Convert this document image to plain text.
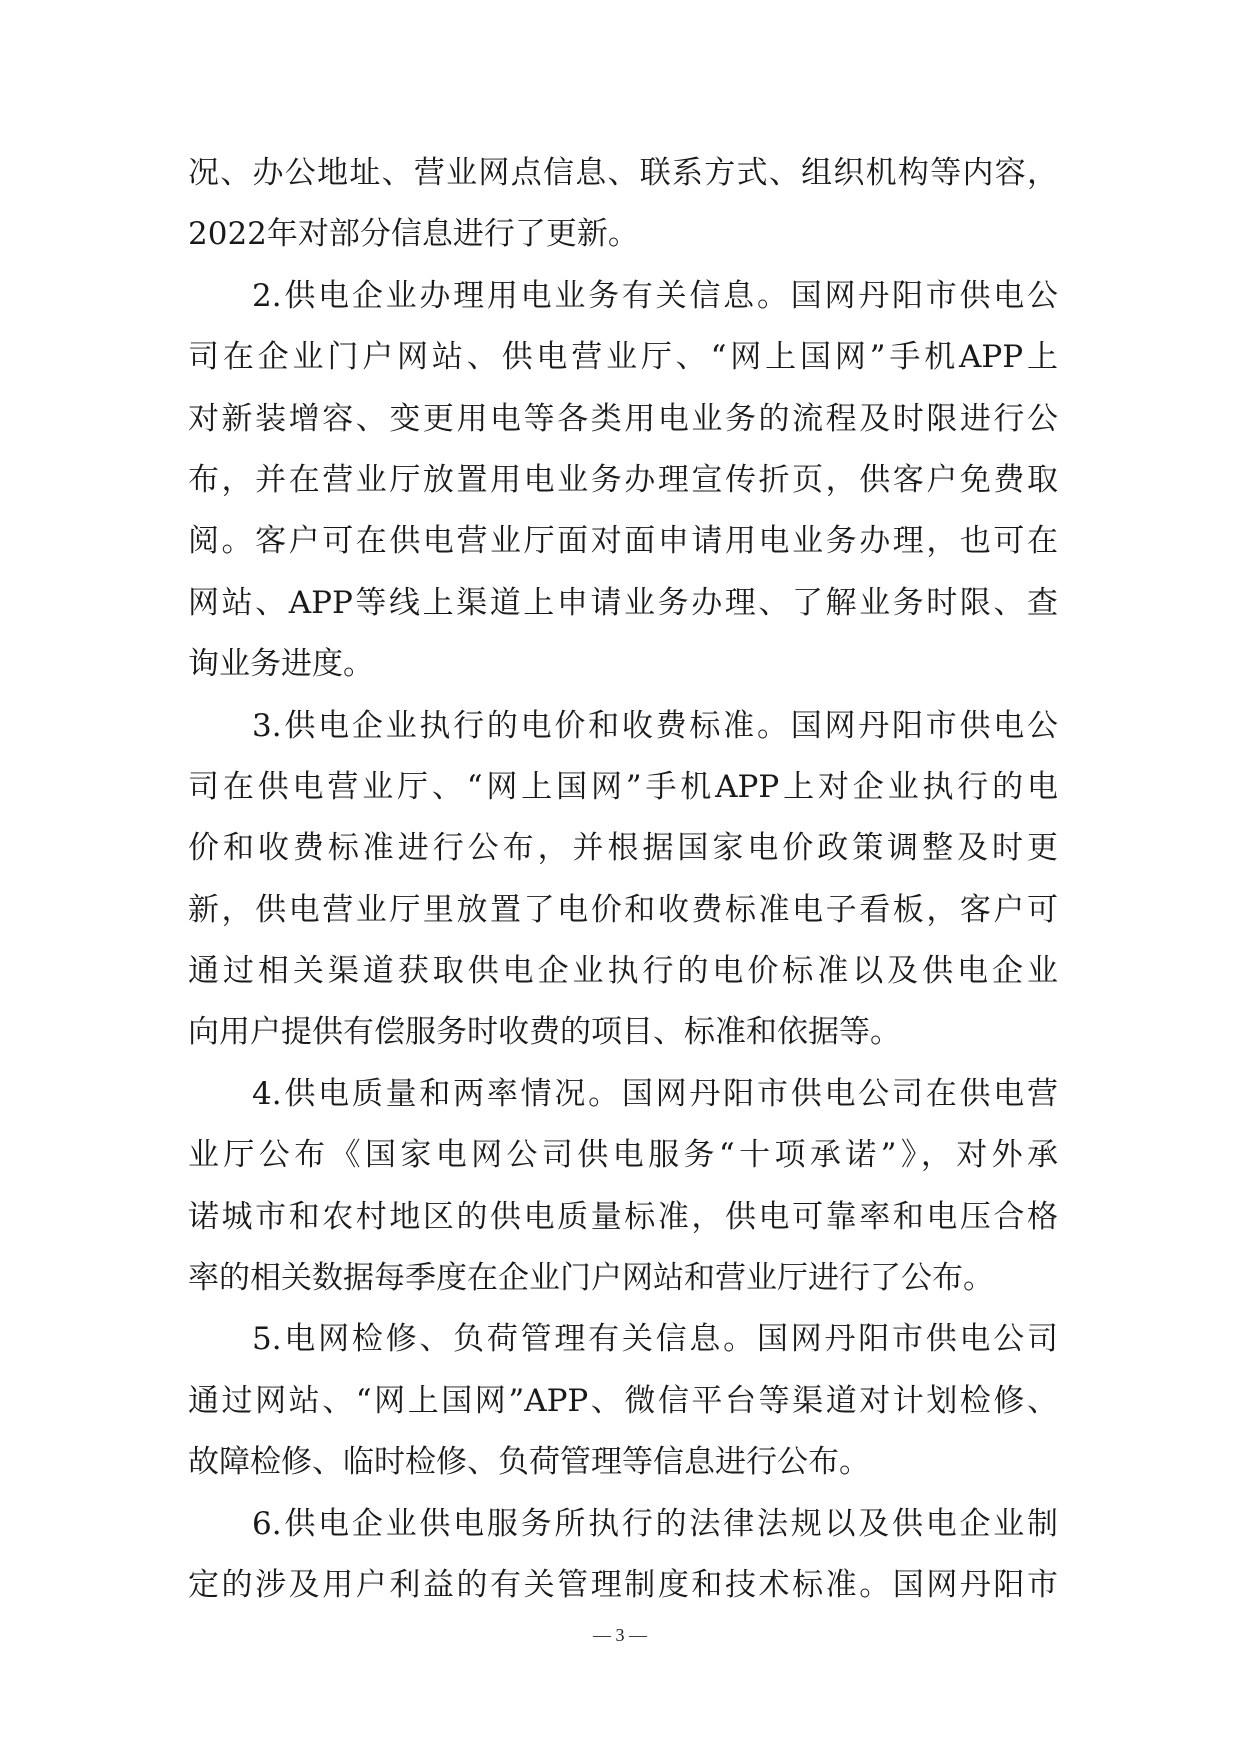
况、办公地址、营业网点信息、联系方式、组织机构等内容，
2022年对部分信息进行了更新。
2.供电企业办理用电业务有关信息。国网丹阳市供电公
司在企业门户网站、供电营业厅、“网上国网”手机APP上
对新装增容、变更用电等各类用电业务的流程及时限进行公
布，并在营业厅放置用电业务办理宣传折页，供客户免费取
阅。客户可在供电营业厅面对面申请用电业务办理，也可在
网站、APP等线上渠道上申请业务办理、了解业务时限、查
询业务进度。
3.供电企业执行的电价和收费标准。国网丹阳市供电公
司在供电营业厅、“网上国网”手机APP上对企业执行的电
价和收费标准进行公布，并根据国家电价政策调整及时更
新，供电营业厅里放置了电价和收费标准电子看板，客户可
通过相关渠道获取供电企业执行的电价标准以及供电企业
向用户提供有偿服务时收费的项目、标准和依据等。
4.供电质量和两率情况。国网丹阳市供电公司在供电营
业厅公布《国家电网公司供电服务“十项承诺”》，对外承
诺城市和农村地区的供电质量标准，供电可靠率和电压合格
率的相关数据每季度在企业门户网站和营业厅进行了公布。
5.电网检修、负荷管理有关信息。国网丹阳市供电公司
通过网站、“网上国网”APP、微信平台等渠道对计划检修、
故障检修、临时检修、负荷管理等信息进行公布。
6.供电企业供电服务所执行的法律法规以及供电企业制
定的涉及用户利益的有关管理制度和技术标准。国网丹阳市
— 3 —
